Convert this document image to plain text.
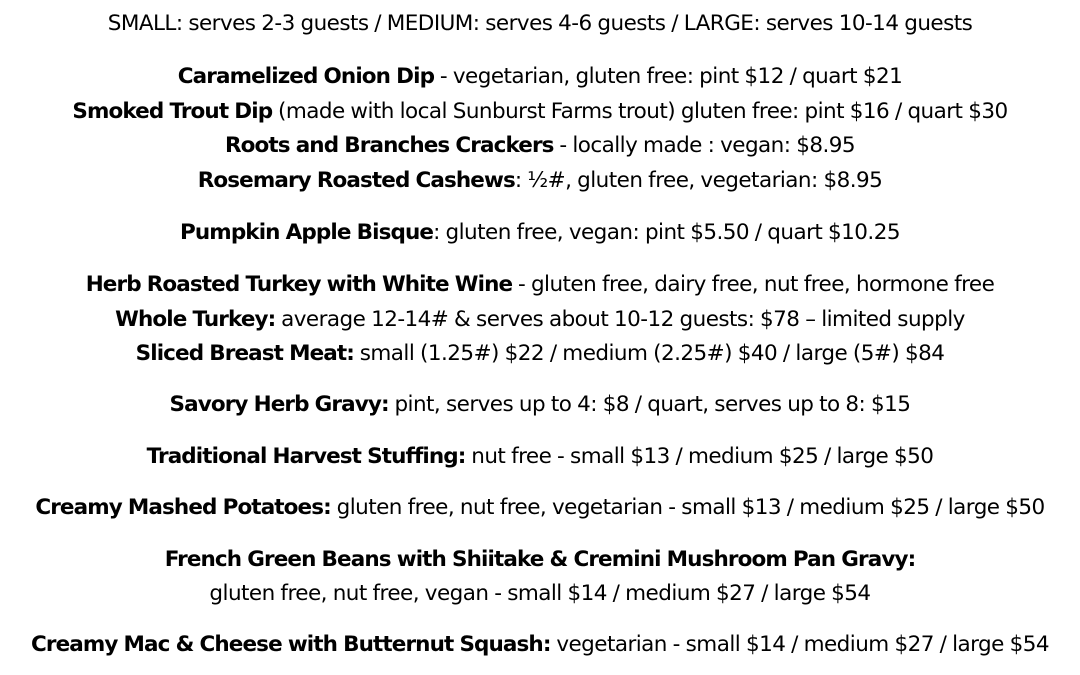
SMALL: serves 2-3 guests / MEDIUM: serves 4-6 guests / LARGE: serves 10-14 guests
Caramelized Onion Dip - vegetarian, gluten free: pint $12 / quart $21
Smoked Trout Dip (made with local Sunburst Farms trout) gluten free: pint $16 / quart $30
Roots and Branches Crackers - locally made : vegan: $8.95
Rosemary Roasted Cashews: ½#, gluten free, vegetarian: $8.95
Pumpkin Apple Bisque: gluten free, vegan: pint $5.50 / quart $10.25
Herb Roasted Turkey with White Wine - gluten free, dairy free, nut free, hormone free
Whole Turkey: average 12-14# & serves about 10-12 guests: $78 – limited supply
Sliced Breast Meat: small (1.25#) $22 / medium (2.25#) $40 / large (5#) $84
Savory Herb Gravy: pint, serves up to 4: $8 / quart, serves up to 8: $15
Traditional Harvest Stuffing: nut free - small $13 / medium $25 / large $50
Creamy Mashed Potatoes: gluten free, nut free, vegetarian - small $13 / medium $25 / large $50
French Green Beans with Shiitake & Cremini Mushroom Pan Gravy:
gluten free, nut free, vegan - small $14 / medium $27 / large $54
Creamy Mac & Cheese with Butternut Squash: vegetarian - small $14 / medium $27 / large $54
